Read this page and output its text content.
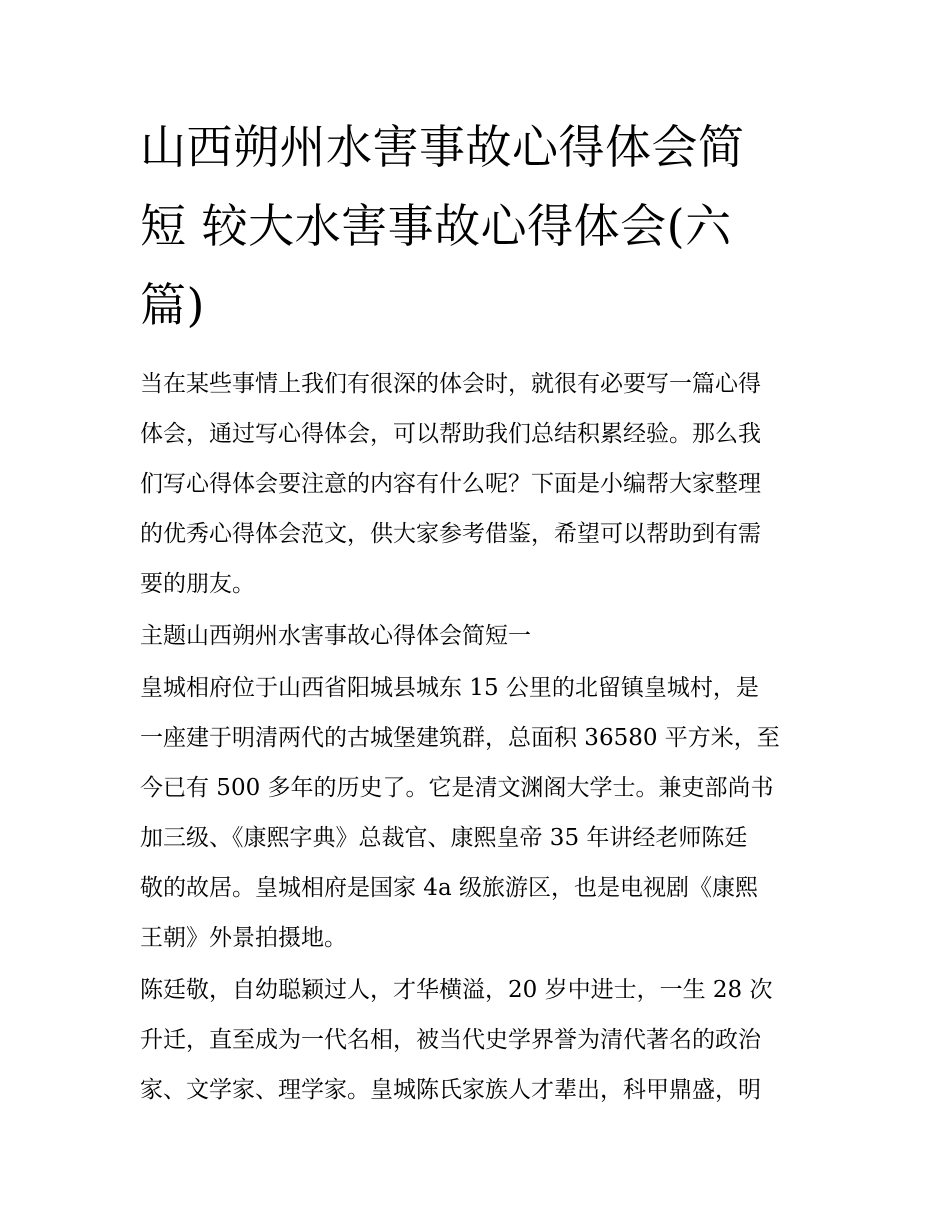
山西朔州水害事故心得体会简
短 较大水害事故心得体会(六
篇)

当在某些事情上我们有很深的体会时，就很有必要写一篇心得
体会，通过写心得体会，可以帮助我们总结积累经验。那么我
们写心得体会要注意的内容有什么呢？下面是小编帮大家整理
的优秀心得体会范文，供大家参考借鉴，希望可以帮助到有需
要的朋友。

主题山西朔州水害事故心得体会简短一

皇城相府位于山西省阳城县城东 15 公里的北留镇皇城村，是
一座建于明清两代的古城堡建筑群，总面积 36580 平方米，至
今已有 500 多年的历史了。它是清文渊阁大学士。兼吏部尚书
加三级、《康熙字典》总裁官、康熙皇帝 35 年讲经老师陈廷
敬的故居。皇城相府是国家 4a 级旅游区，也是电视剧《康熙
王朝》外景拍摄地。

陈廷敬，自幼聪颖过人，才华横溢，20 岁中进士，一生 28 次
升迁，直至成为一代名相，被当代史学界誉为清代著名的政治
家、文学家、理学家。皇城陈氏家族人才辈出，科甲鼎盛，明
